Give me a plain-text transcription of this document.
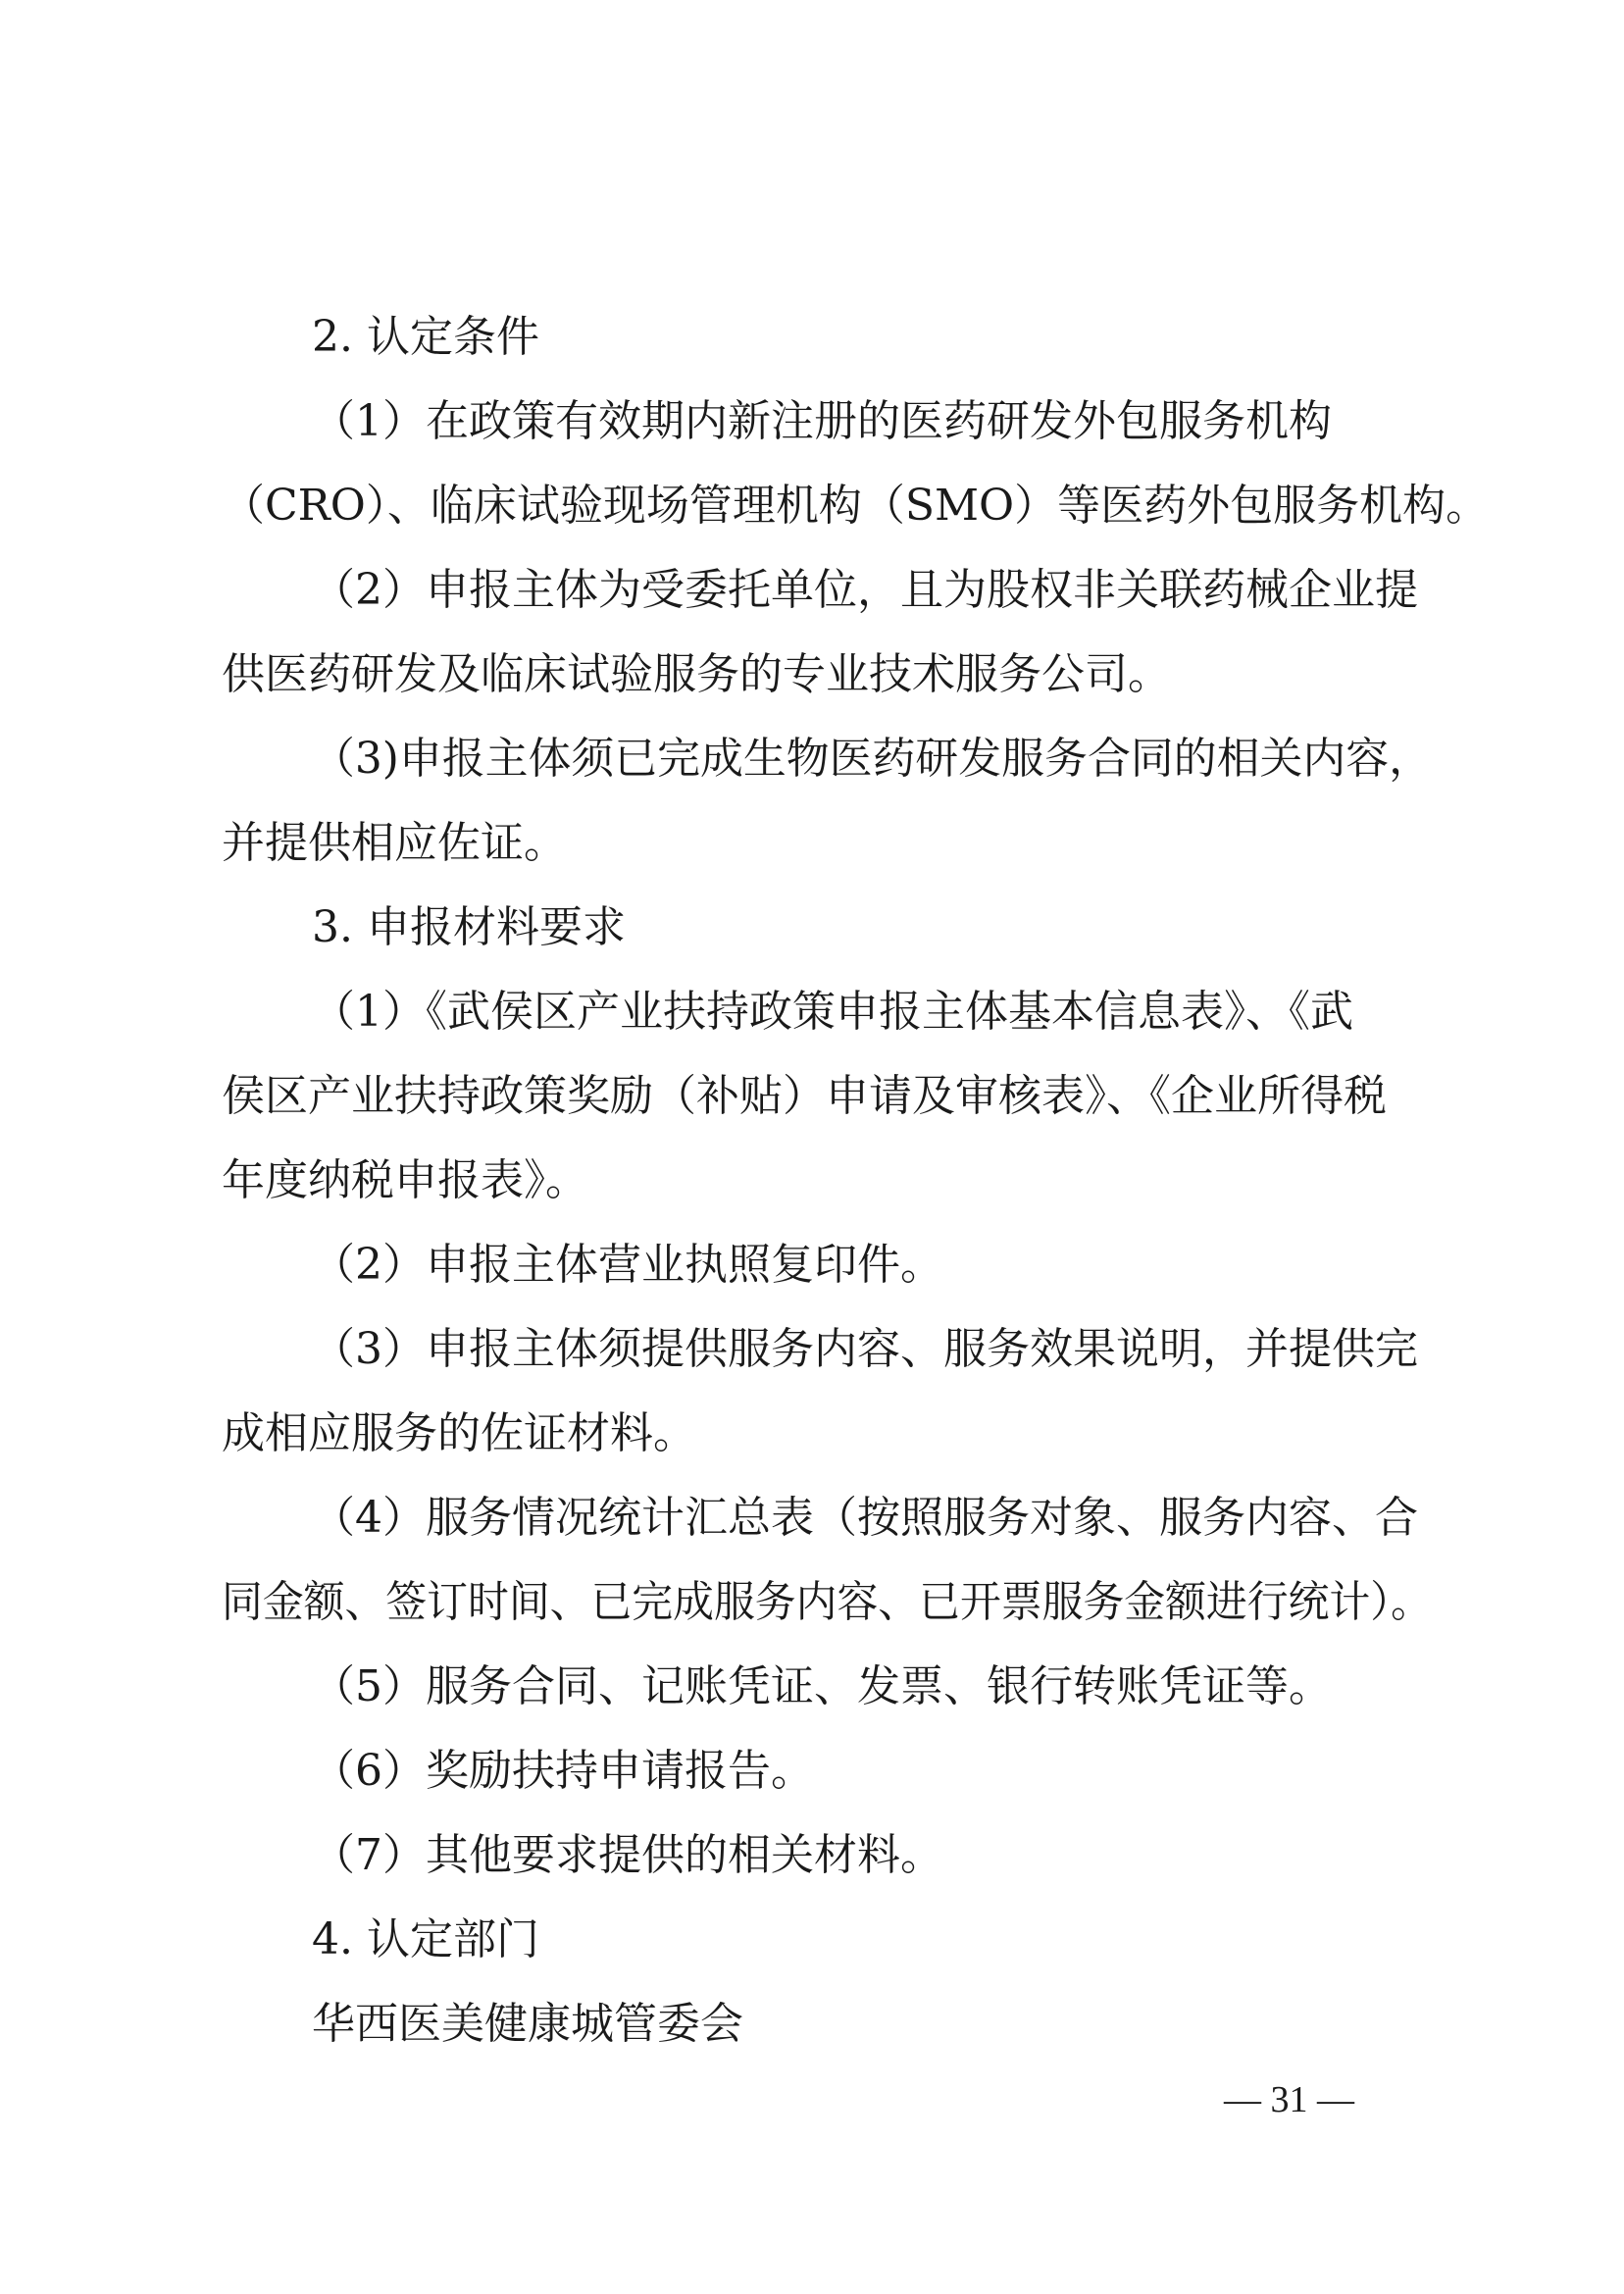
2. 认定条件
（1）在政策有效期内新注册的医药研发外包服务机构
（CRO）、临床试验现场管理机构（SMO）等医药外包服务机构。
（2）申报主体为受委托单位，且为股权非关联药械企业提
供医药研发及临床试验服务的专业技术服务公司。
（3)申报主体须已完成生物医药研发服务合同的相关内容，
并提供相应佐证。
3. 申报材料要求
（1）《武侯区产业扶持政策申报主体基本信息表》、《武
侯区产业扶持政策奖励（补贴）申请及审核表》、《企业所得税
年度纳税申报表》。
（2）申报主体营业执照复印件。
（3）申报主体须提供服务内容、服务效果说明，并提供完
成相应服务的佐证材料。
（4）服务情况统计汇总表（按照服务对象、服务内容、合
同金额、签订时间、已完成服务内容、已开票服务金额进行统计）。
（5）服务合同、记账凭证、发票、银行转账凭证等。
（6）奖励扶持申请报告。
（7）其他要求提供的相关材料。
4. 认定部门
华西医美健康城管委会
— 31 —
